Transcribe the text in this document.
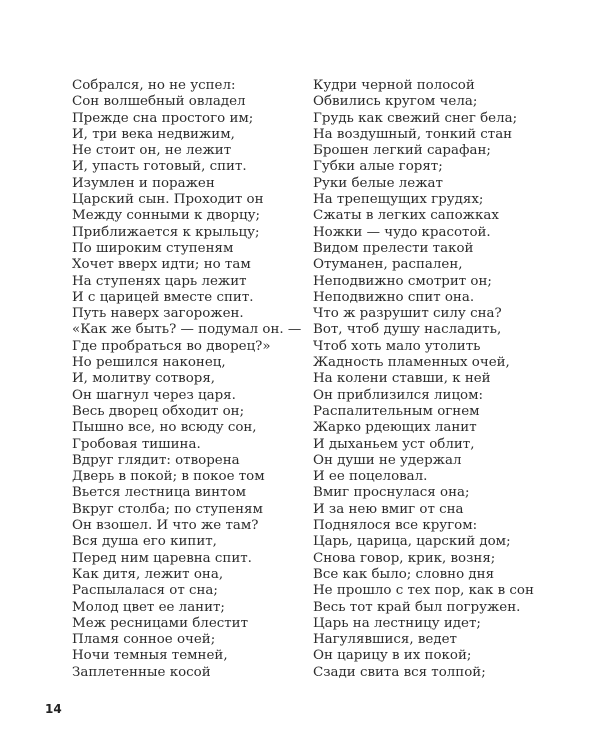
Собрался, но не успел:
Сон волшебный овладел
Прежде сна простого им;
И, три века недвижим,
Не стоит он, не лежит
И, упасть готовый, спит.
Изумлен и поражен
Царский сын. Проходит он
Между сонными к дворцу;
Приближается к крыльцу;
По широким ступеням
Хочет вверх идти; но там
На ступенях царь лежит
И с царицей вместе спит.
Путь наверх загорожен.
«Как же быть? — подумал он. —
Где пробраться во дворец?»
Но решился наконец,
И, молитву сотворя,
Он шагнул через царя.
Весь дворец обходит он;
Пышно все, но всюду сон,
Гробовая тишина.
Вдруг глядит: отворена
Дверь в покой; в покое том
Вьется лестница винтом
Вкруг столба; по ступеням
Он взошел. И что же там?
Вся душа его кипит,
Перед ним царевна спит.
Как дитя, лежит она,
Распылалася от сна;
Молод цвет ее ланит;
Меж ресницами блестит
Пламя сонное очей;
Ночи темныя темней,
Заплетенные косой
Кудри черной полосой
Обвились кругом чела;
Грудь как свежий снег бела;
На воздушный, тонкий стан
Брошен легкий сарафан;
Губки алые горят;
Руки белые лежат
На трепещущих грудях;
Сжаты в легких сапожках
Ножки — чудо красотой.
Видом прелести такой
Отуманен, распален,
Неподвижно смотрит он;
Неподвижно спит она.
Что ж разрушит силу сна?
Вот, чтоб душу насладить,
Чтоб хоть мало утолить
Жадность пламенных очей,
На колени ставши, к ней
Он приблизился лицом:
Распалительным огнем
Жарко рдеющих ланит
И дыханьем уст облит,
Он души не удержал
И ее поцеловал.
Вмиг проснулася она;
И за нею вмиг от сна
Поднялося все кругом:
Царь, царица, царский дом;
Снова говор, крик, возня;
Все как было; словно дня
Не прошло с тех пор, как в сон
Весь тот край был погружен.
Царь на лестницу идет;
Нагулявшися, ведет
Он царицу в их покой;
Сзади свита вся толпой;
14
